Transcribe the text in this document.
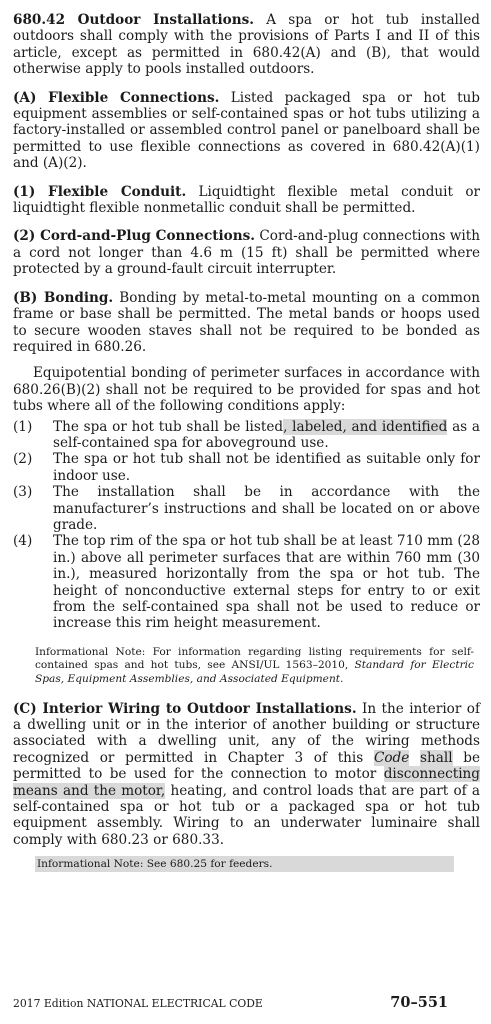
680.42 Outdoor Installations. A spa or hot tub installed outdoors shall comply with the provisions of Parts I and II of this article, except as permitted in 680.42(A) and (B), that would otherwise apply to pools installed outdoors.

(A) Flexible Connections. Listed packaged spa or hot tub equipment assemblies or self-contained spas or hot tubs utilizing a factory-installed or assembled control panel or panelboard shall be permitted to use flexible connections as covered in 680.42(A)(1) and (A)(2).

(1) Flexible Conduit. Liquidtight flexible metal conduit or liquidtight flexible nonmetallic conduit shall be permitted.

(2) Cord-and-Plug Connections. Cord-and-plug connections with a cord not longer than 4.6 m (15 ft) shall be permitted where protected by a ground-fault circuit interrupter.

(B) Bonding. Bonding by metal-to-metal mounting on a common frame or base shall be permitted. The metal bands or hoops used to secure wooden staves shall not be required to be bonded as required in 680.26.

Equipotential bonding of perimeter surfaces in accordance with 680.26(B)(2) shall not be required to be provided for spas and hot tubs where all of the following conditions apply:

(1) The spa or hot tub shall be listed, labeled, and identified as a self-contained spa for aboveground use.
(2) The spa or hot tub shall not be identified as suitable only for indoor use.
(3) The installation shall be in accordance with the manufacturer’s instructions and shall be located on or above grade.
(4) The top rim of the spa or hot tub shall be at least 710 mm (28 in.) above all perimeter surfaces that are within 760 mm (30 in.), measured horizontally from the spa or hot tub. The height of nonconductive external steps for entry to or exit from the self-contained spa shall not be used to reduce or increase this rim height measurement.

Informational Note: For information regarding listing requirements for self-contained spas and hot tubs, see ANSI/UL 1563–2010, Standard for Electric Spas, Equipment Assemblies, and Associated Equipment.

(C) Interior Wiring to Outdoor Installations. In the interior of a dwelling unit or in the interior of another building or structure associated with a dwelling unit, any of the wiring methods recognized or permitted in Chapter 3 of this Code shall be permitted to be used for the connection to motor disconnecting means and the motor, heating, and control loads that are part of a self-contained spa or hot tub or a packaged spa or hot tub equipment assembly. Wiring to an underwater luminaire shall comply with 680.23 or 680.33.

Informational Note: See 680.25 for feeders.
2017 Edition NATIONAL ELECTRICAL CODE	70–551
